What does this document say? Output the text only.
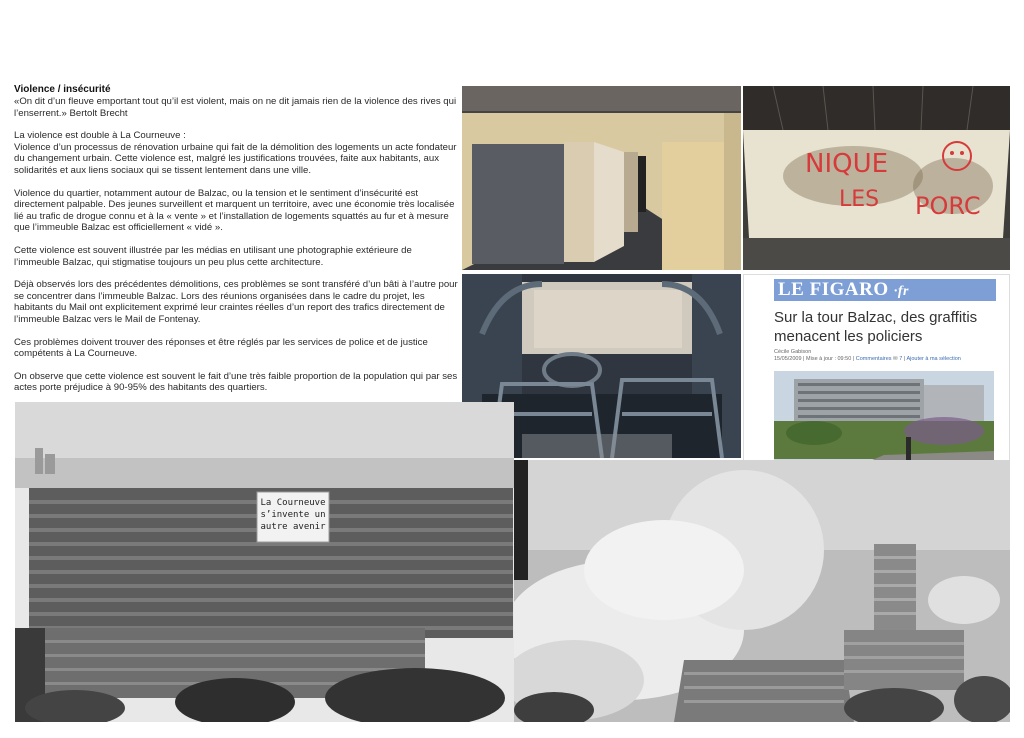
Violence / insécurité

«On dit d’un fleuve emportant tout qu’il est violent, mais on ne dit jamais rien de la violence des rives qui l’enserrent.» Bertolt Brecht

La violence est double à La Courneuve :
Violence d’un processus de rénovation urbaine qui fait de la démolition des logements un acte fondateur du changement urbain. Cette violence est, malgré les justifications trouvées, faite aux habitants, aux solidarités et aux liens sociaux qui se tissent lentement dans une ville.

Violence du quartier, notamment autour de Balzac, ou la tension et le sentiment d’insécurité est directement palpable. Des jeunes surveillent et marquent un territoire, avec une économie très localisée lié au trafic de drogue connu et à la « vente » et l’installation de logements squattés au fur et à mesure que l’immeuble Balzac est officiellement « vidé ».

Cette violence est souvent illustrée par les médias en utilisant une photographie extérieure de l’immeuble Balzac, qui stigmatise toujours un peu plus cette architecture.

Déjà observés lors des précédentes démolitions, ces problèmes se sont transféré d’un bâti à l’autre pour se concentrer dans l’immeuble Balzac. Lors des réunions organisées dans le cadre du projet, les habitants du Mail ont explicitement exprimé leur craintes réelles d’un report des trafics directement de l’immeuble Balzac vers le Mail de Fontenay.

Ces problèmes doivent trouver des réponses et être réglés par les services de police et de justice compétents à La Courneuve.

On observe que cette violence est souvent le fait d’une très faible proportion de la population qui par ses actes porte préjudice à 90-95% des habitants des quartiers.

NIQUE
LES PORC
LE FIGARO ·fr
Sur la tour Balzac, des graffitis menacent les policiers
Cécile Gabison
15/05/2009 | Mise à jour : 09:50 | Commentaires ✉ 7 | Ajouter à ma sélection
La Courneuve
s’invente un
autre avenir
